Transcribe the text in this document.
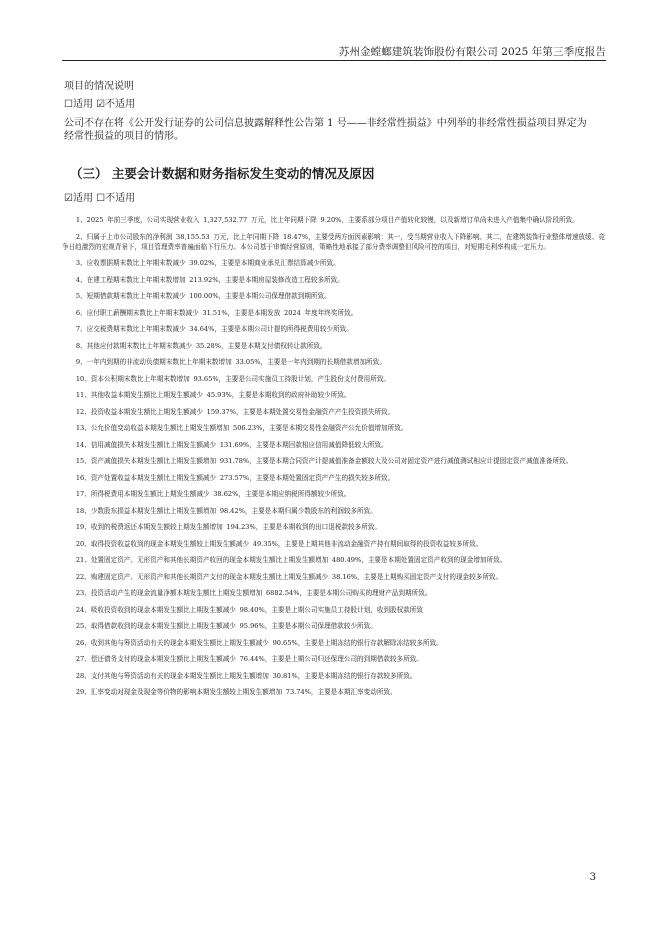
苏州金螳螂建筑装饰股份有限公司 2025 年第三季度报告
项目的情况说明
☐适用 ☑不适用
公司不存在将《公开发行证券的公司信息披露解释性公告第 1 号——非经常性损益》中列举的非经常性损益项目界定为
经常性损益的项目的情形。
（三） 主要会计数据和财务指标发生变动的情况及原因
☑适用 ☐不适用

1、2025 年前三季度，公司实现营业收入 1,327,532.77 万元，比上年同期下降 9.20%，主要系部分项目产值转化较慢，以及新增订单尚未进入产值集中确认阶段所致。

2、归属于上市公司股东的净利润 38,155.53 万元，比上年同期下降 18.47%，主要受两方面因素影响：其一，受当期营业收入下降影响。其二，在建筑装饰行业整体增速放缓、竞争日趋激烈的宏观背景下，项目管理费率普遍面临下行压力。本公司基于审慎经营原则，策略性地承接了部分费率调整但风险可控的项目，对短期毛利率构成一定压力。

3、应收票据期末数比上年期末数减少 39.02%，主要是本期商业承兑汇票结算减少所致。

4、在建工程期末数比上年期末数增加 213.92%，主要是本期房屋装修改造工程较多所致。

5、短期借款期末数比上年期末数减少 100.00%，主要是本期公司保理借款到期所致。

6、应付职工薪酬期末数比上年期末数减少 31.51%，主要是本期发放 2024 年度年终奖所致。

7、应交税费期末数比上年期末数减少 34.64%，主要是本期公司计提的所得税费用较少所致。

8、其他应付款期末数比上年期末数减少 35.28%，主要是本期支付债权转让款所致。

9、一年内到期的非流动负债期末数比上年期末数增加 33.05%，主要是一年内到期的长期借款增加所致。

10、资本公积期末数比上年期末数增加 93.65%，主要是公司实施员工持股计划，产生股份支付费用所致。

11、其他收益本期发生额比上期发生额减少 45.93%，主要是本期收到的政府补助较少所致。

12、投资收益本期发生额比上期发生额减少 159.37%，主要是本期处置交易性金融资产产生投资损失所致。

13、公允价值变动收益本期发生额比上期发生额增加 506.23%，主要是本期交易性金融资产公允价值增加所致。

14、信用减值损失本期发生额比上期发生额减少 131.69%，主要是本期回款相应信用减值降低较大所致。

15、资产减值损失本期发生额比上期发生额增加 931.78%，主要是本期合同资产计提减值准备金额较大及公司对固定资产进行减值测试相应计提固定资产减值准备所致。

16、资产处置收益本期发生额比上期发生额减少 273.57%，主要是本期处置固定资产产生的损失较多所致。

17、所得税费用本期发生额比上期发生额减少 38.62%，主要是本期应纳税所得额较少所致。

18、少数股东损益本期发生额比上期发生额增加 98.42%，主要是本期归属少数股东的利润较多所致。

19、收到的税费返还本期发生额较上期发生额增加 194.23%，主要是本期收到的出口退税款较多所致。

20、取得投资收益收到的现金本期发生额较上期发生额减少 49.35%，主要是上期其他非流动金融资产持有期间取得的投资收益较多所致。

21、处置固定资产、无形资产和其他长期资产收回的现金本期发生额比上期发生额增加 480.49%，主要是本期处置固定资产收到的现金增加所致。

22、购建固定资产、无形资产和其他长期资产支付的现金本期发生额比上期发生额减少 38.16%，主要是上期购买固定资产支付的现金较多所致。

23、投资活动产生的现金流量净额本期发生额比上期发生额增加 6882.54%，主要是本期公司购买的理财产品到期所致。

24、吸收投资收到的现金本期发生额比上期发生额减少 98.40%，主要是上期公司实施员工持股计划，收到股权款所致

25、取得借款收到的现金本期发生额比上期发生额减少 95.96%，主要是本期公司保理借款较少所致。

26、收到其他与筹资活动有关的现金本期发生额比上期发生额减少 90.65%，主要是上期冻结的银行存款解除冻结较多所致。

27、偿还债务支付的现金本期发生额比上期发生额减少 76.44%，主要是上期公司归还保理公司的到期借款较多所致。

28、支付其他与筹资活动有关的现金本期发生额比上期发生额增加 30.81%，主要是本期冻结的银行存款较多所致。

29、汇率变动对现金及现金等价物的影响本期发生额较上期发生额增加 73.74%，主要是本期汇率变动所致。

3
